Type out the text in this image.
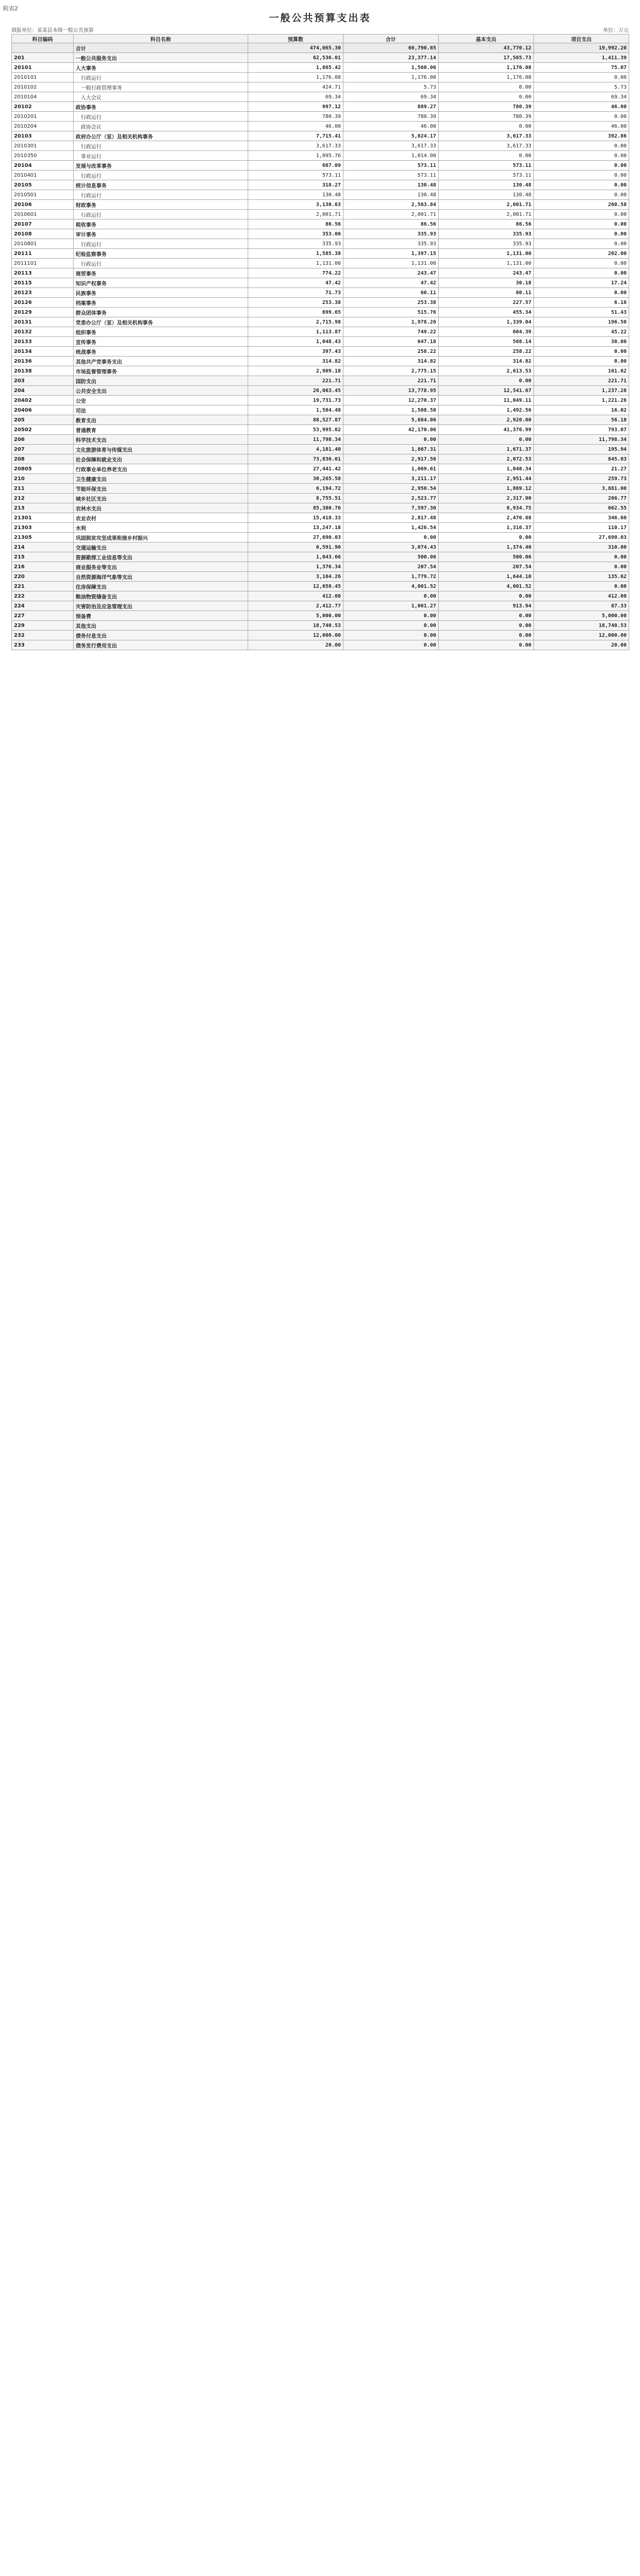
附表2
一般公共预算支出表
填报单位：某某县本级一般公共预算	单位：万元
科目编码	科目名称	预算数	合计	基本支出	项目支出
	合计	474,065.30	66,790.65	43,770.12	19,992.20
201	一般公共服务支出	62,536.01	23,377.14	17,565.73	1,411.39
20101	人大事务	1,865.42	1,560.06	1,176.08	75.07
2010101	行政运行	1,176.08	1,176.08	1,176.08	0.00
2010102	一般行政管理事务	424.71	5.73	0.00	5.73
2010104	人大会议	69.34	69.34	0.00	69.34
20102	政协事务	997.12	889.27	780.39	46.00
2010201	行政运行	780.39	780.39	780.39	0.00
2010204	政协会议	46.00	46.00	0.00	46.00
20103	政府办公厅（室）及相关机构事务	7,715.41	5,024.17	3,617.33	392.86
2010301	行政运行	3,617.33	3,617.33	3,617.33	0.00
2010350	事业运行	1,095.76	1,014.00	0.00	0.00
20104	发展与改革事务	667.09	573.11	573.11	0.00
2010401	行政运行	573.11	573.11	573.11	0.00
20105	统计信息事务	318.27	130.48	130.48	0.00
2010501	行政运行	130.48	130.48	130.48	0.00
20106	财政事务	3,130.63	2,563.84	2,001.71	260.58
2010601	行政运行	2,001.71	2,001.71	2,001.71	0.00
20107	税收事务	86.56	86.56	86.56	0.00
20108	审计事务	353.06	335.93	335.93	0.00
2010801	行政运行	335.93	335.93	335.93	0.00
20111	纪检监察事务	1,585.38	1,397.15	1,131.00	202.00
2011101	行政运行	1,131.00	1,131.00	1,131.00	0.00
20113	商贸事务	774.22	243.47	243.47	0.00
20115	知识产权事务	47.42	47.42	30.18	17.24
20123	民族事务	71.73	60.11	60.11	0.00
20126	档案事务	253.38	253.38	227.57	6.16
20129	群众团体事务	699.65	515.76	455.34	51.43
20131	党委办公厅（室）及相关机构事务	2,715.98	1,978.26	1,339.04	196.50
20132	组织事务	1,113.87	749.22	604.39	45.22
20133	宣传事务	1,048.43	647.18	568.14	30.00
20134	统战事务	397.43	258.22	258.22	0.00
20136	其他共产党事务支出	314.82	314.82	314.82	0.00
20138	市场监督管理事务	2,909.18	2,775.15	2,613.53	161.62
203	国防支出	221.71	221.71	0.00	221.71
204	公共安全支出	26,063.45	13,778.95	12,541.67	1,237.28
20402	公安	19,731.73	12,270.37	11,049.11	1,221.26
20406	司法	1,504.48	1,508.58	1,492.56	16.02
205	教育支出	88,527.87	5,684.06	2,920.00	56.18
20502	普通教育	53,995.62	42,170.06	41,376.99	793.07
206	科学技术支出	11,798.34	0.00	0.00	11,798.34
207	文化旅游体育与传媒支出	4,181.40	1,867.31	1,671.37	195.94
208	社会保障和就业支出	73,836.01	2,917.56	2,072.53	845.03
20805	行政事业单位养老支出	27,441.42	1,069.61	1,048.34	21.27
210	卫生健康支出	30,265.58	3,211.17	2,951.44	259.73
211	节能环保支出	6,194.72	2,950.54	1,869.12	3,881.00
212	城乡社区支出	8,755.51	2,523.77	2,317.00	206.77
213	农林水支出	85,380.76	7,597.30	6,934.75	662.55
21301	农业农村	15,418.33	2,817.48	2,470.88	346.60
21303	水利	13,247.18	1,426.54	1,316.37	110.17
21305	巩固脱贫攻坚成果衔接乡村振兴	27,690.03	0.00	0.00	27,690.03
214	交通运输支出	6,591.90	3,074.43	1,374.40	310.00
215	资源勘探工业信息等支出	1,043.66	500.06	500.06	0.00
216	商业服务业等支出	1,376.34	207.54	207.54	0.00
220	自然资源海洋气象等支出	3,104.26	1,779.72	1,644.10	135.62
221	住房保障支出	12,658.45	4,001.52	4,001.52	0.00
222	粮油物资储备支出	412.00	0.00	0.00	412.00
224	灾害防治及应急管理支出	2,412.77	1,001.27	913.94	87.33
227	预备费	5,000.00	0.00	0.00	5,000.00
229	其他支出	18,740.53	0.00	0.00	18,740.53
232	债务付息支出	12,000.00	0.00	0.00	12,000.00
233	债务发行费用支出	20.00	0.00	0.00	20.00
